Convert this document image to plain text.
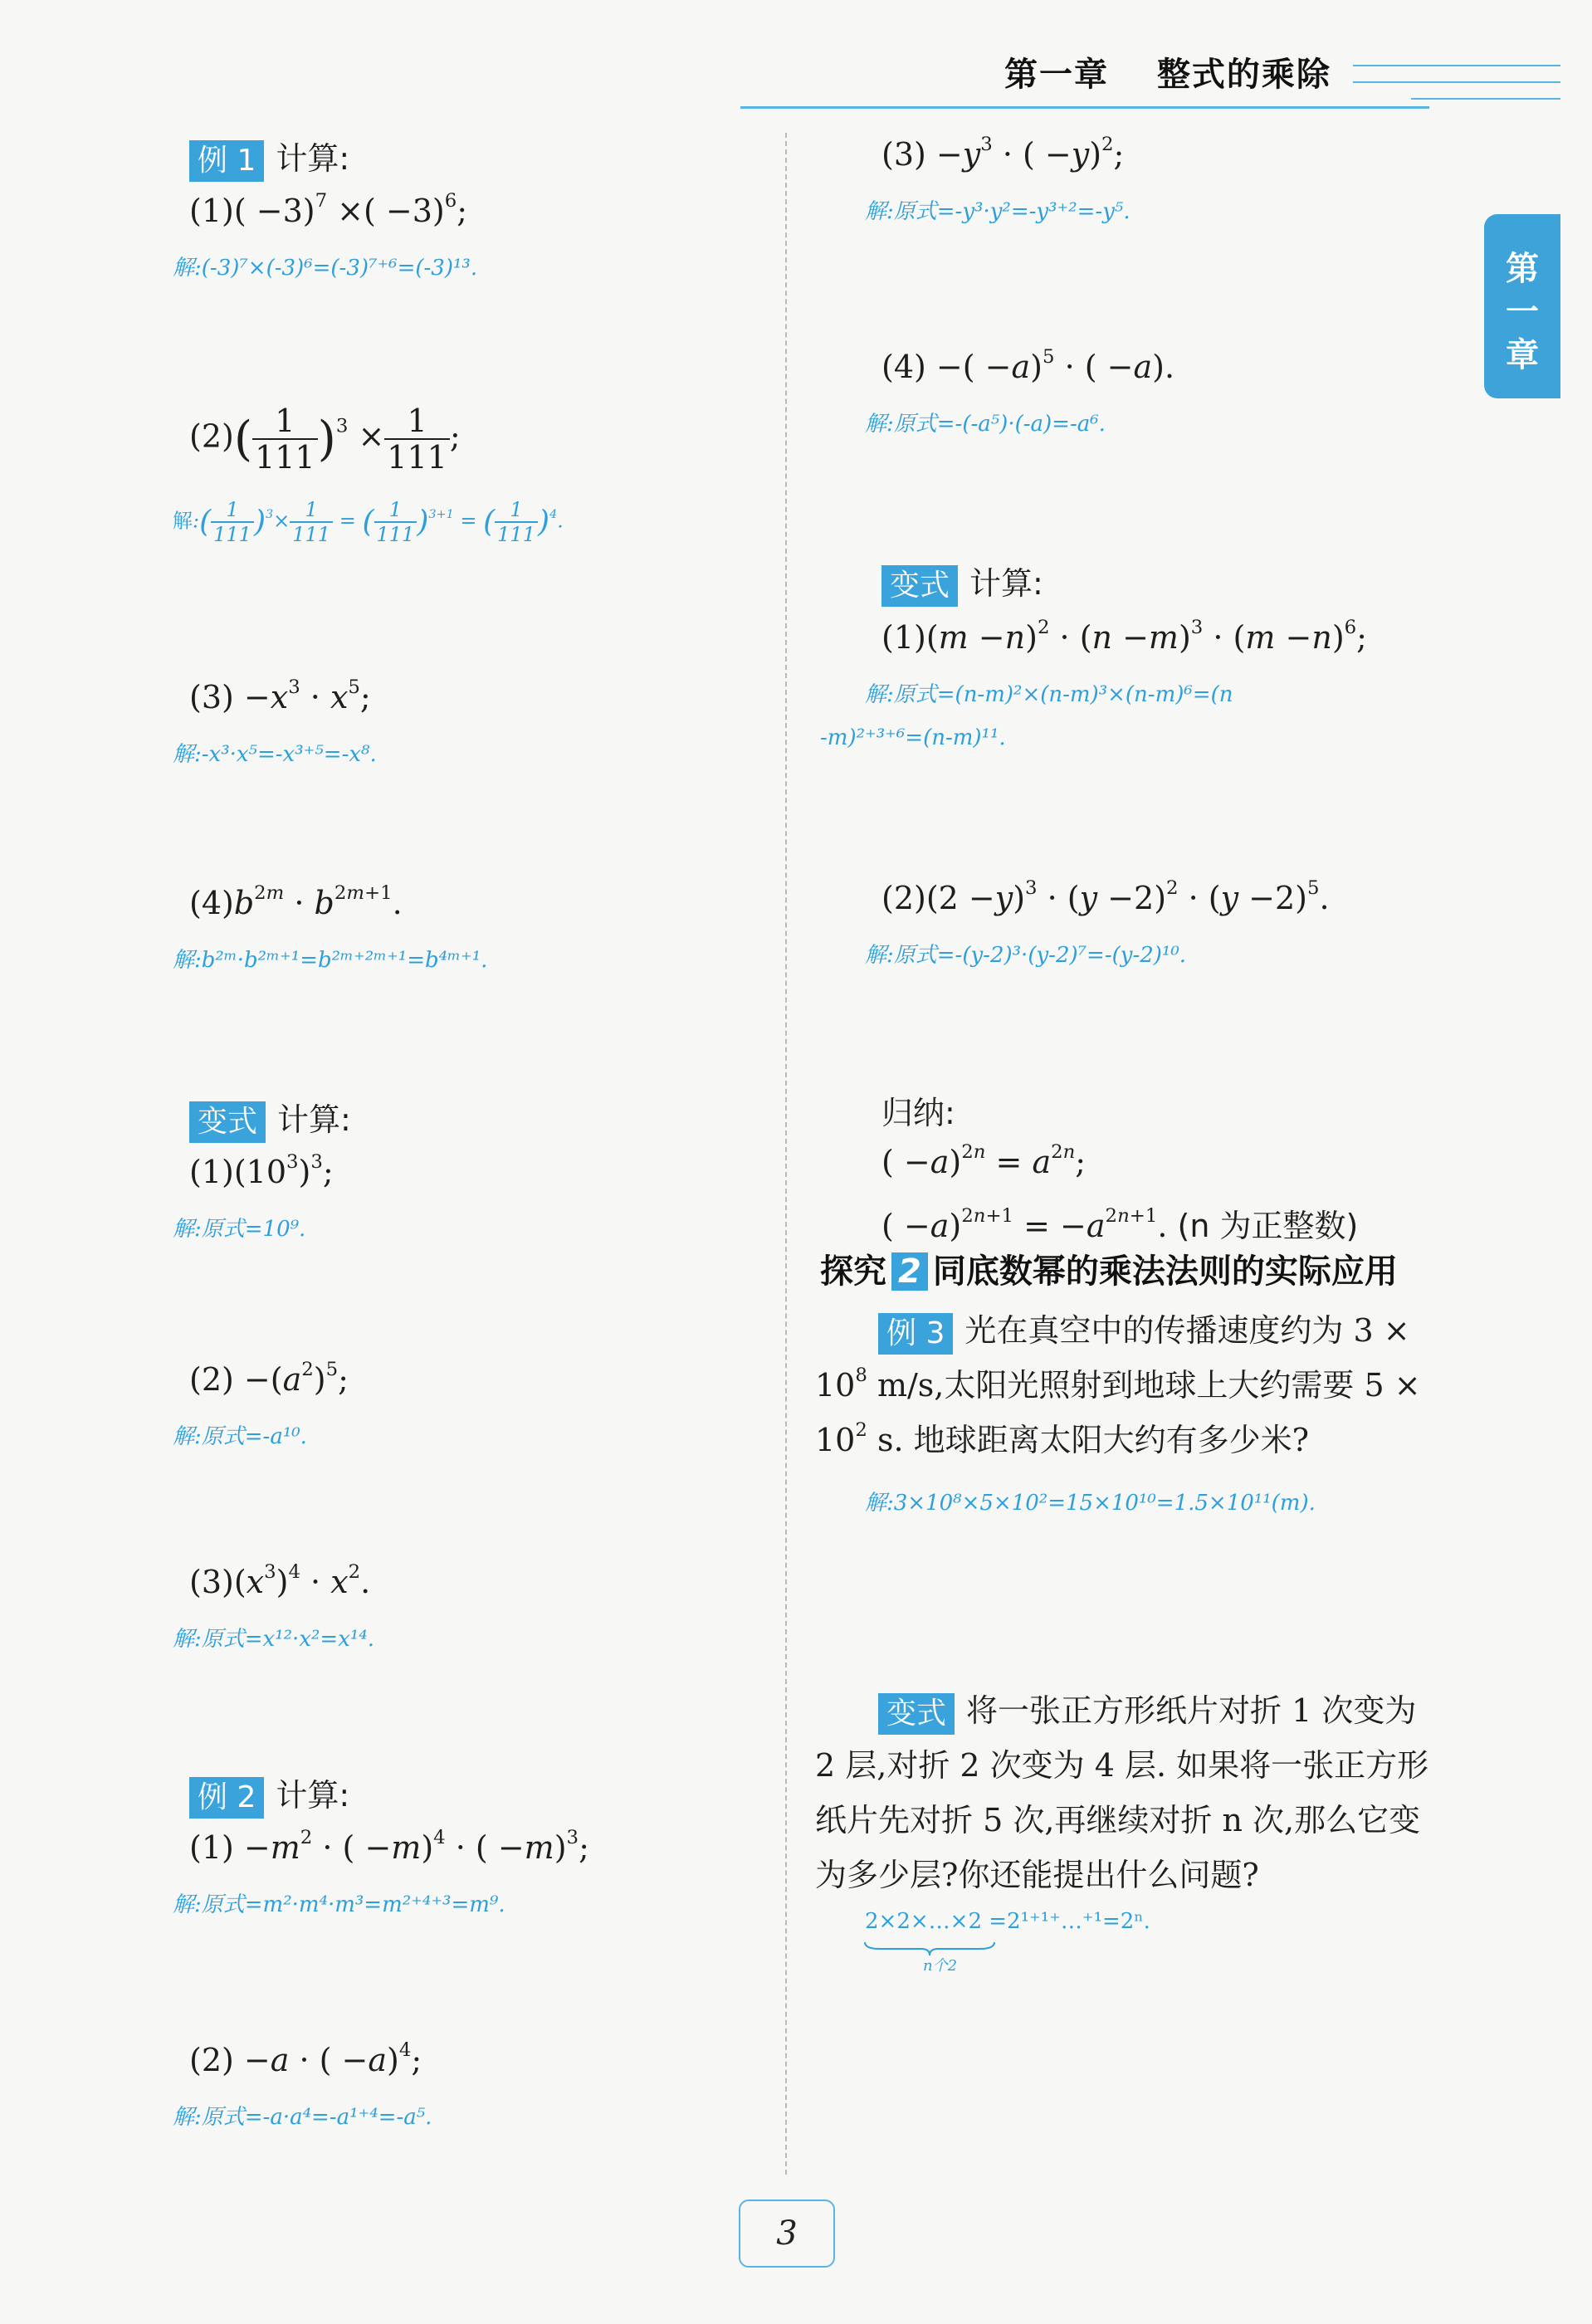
第一章　 整式的乘除
第一章
例 1 计算:
$(1)( -3)^7$ ×( −3)$^6$;
解:(-3)⁷×(-3)⁶=(-3)⁷⁺⁶=(-3)¹³.
$(2)( \frac{1}{111} )^3 \times \frac{1}{111}$ ;
解:( $\frac{1}{111} )^3\times \frac{1}{111}$ = ( $\frac{1}{111} )^{3+1}$ = ( $\frac{1}{111} )^4$.
$(3) -x^3 \cdot x^5$;
解:-x³·x⁵=-x³⁺⁵=-x⁸.
$(4)b^{2m} \cdot b^{2m+1}$.
解:b²ᵐ·b²ᵐ⁺¹=b²ᵐ⁺²ᵐ⁺¹=b⁴ᵐ⁺¹.
变式 计算:
$(1)(10^3)^3$;
解:原式=10⁹.
$(2) -(a^2)^5$;
解:原式=-a¹⁰.
$(3)(x^3)^4 \cdot x^2$.
解:原式=x¹²·x²=x¹⁴.
例 2 计算:
$(1) -m^2$ · ( −m)$^4$ · ( −m)$^3$;
解:原式=m²·m⁴·m³=m²⁺⁴⁺³=m⁹.
(2) −a · ( −a)$^4$;
解:原式=-a·a⁴=-a¹⁺⁴=-a⁵.
$(3) -y^3$ · ( −y)$^2$;
解:原式=-y³·y²=-y³⁺²=-y⁵.
(4) −( −a)$^5$ · ( −a).
解:原式=-(-a⁵)·(-a)=-a⁶.
变式 计算:
$(1)(m -n)^2 \cdot (n -m)^3 \cdot (m -n)^6$;
解:原式=(n-m)²×(n-m)³×(n-m)⁶=(n
-m)²⁺³⁺⁶=(n-m)¹¹.
$(2)(2 -y)^3 \cdot (y -2)^2 \cdot (y -2)^5$.
解:原式=-(y-2)³·(y-2)⁷=-(y-2)¹⁰.
归纳:
( $-a)^{2n} = a^{2n}$;
( $-a)^{2n+1} = -a^{2n+1}$. (n 为正整数)
探究 2 同底数幂的乘法法则的实际应用
例 3 光在真空中的传播速度约为 3 ×
$10^8$ m/s,太阳光照射到地球上大约需要 5 ×
$10^2$ s. 地球距离太阳大约有多少米?
解:3×10⁸×5×10²=15×10¹⁰=1.5×10¹¹(m).
变式 将一张正方形纸片对折 1 次变为
2 层,对折 2 次变为 4 层. 如果将一张正方形
纸片先对折 5 次,再继续对折 n 次,那么它变
为多少层?你还能提出什么问题?
2×2×…×2 =2¹⁺¹⁺…⁺¹=2ⁿ.
n个2
3
